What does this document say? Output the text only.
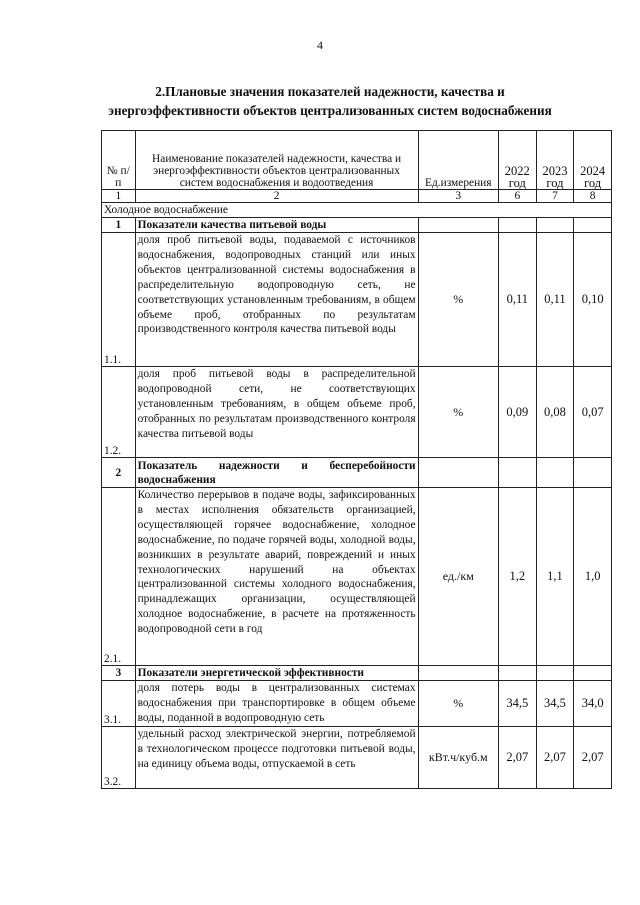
4
2.Плановые значения показателей надежности, качества и
энергоэффективности объектов централизованных систем водоснабжения
№ п/п	Наименование показателей надежности, качества и энергоэффективности объектов централизованных систем водоснабжения и водоотведения	Ед.измерения	2022 год	2023 год	2024 год
1	2	3	6	7	8
Холодное водоснабжение					
1	Показатели качества питьевой воды				
1.1.	доля проб питьевой воды, подаваемой с источников водоснабжения, водопроводных станций или иных объектов централизованной системы водоснабжения в распределительную водопроводную сеть, не соответствующих установленным требованиям, в общем объеме проб, отобранных по результатам производственного контроля качества питьевой воды	%	0,11	0,11	0,10
1.2.	доля проб питьевой воды в распределительной водопроводной сети, не соответствующих установленным требованиям, в общем объеме проб, отобранных по результатам производственного контроля качества питьевой воды	%	0,09	0,08	0,07
2	Показатель надежности и бесперебойности водоснабжения				
2.1.	Количество перерывов в подаче воды, зафиксированных в местах исполнения обязательств организацией, осуществляющей горячее водоснабжение, холодное водоснабжение, по подаче горячей воды, холодной воды, возникших в результате аварий, повреждений и иных технологических нарушений на объектах централизованной системы холодного водоснабжения, принадлежащих организации, осуществляющей холодное водоснабжение, в расчете на протяженность водопроводной сети в год	ед./км	1,2	1,1	1,0
3	Показатели энергетической эффективности				
3.1.	доля потерь воды в централизованных системах водоснабжения при транспортировке в общем объеме воды, поданной в водопроводную сеть	%	34,5	34,5	34,0
3.2.	удельный расход электрической энергии, потребляемой в технологическом процессе подготовки питьевой воды, на единицу объема воды, отпускаемой в сеть	кВт.ч/куб.м	2,07	2,07	2,07
